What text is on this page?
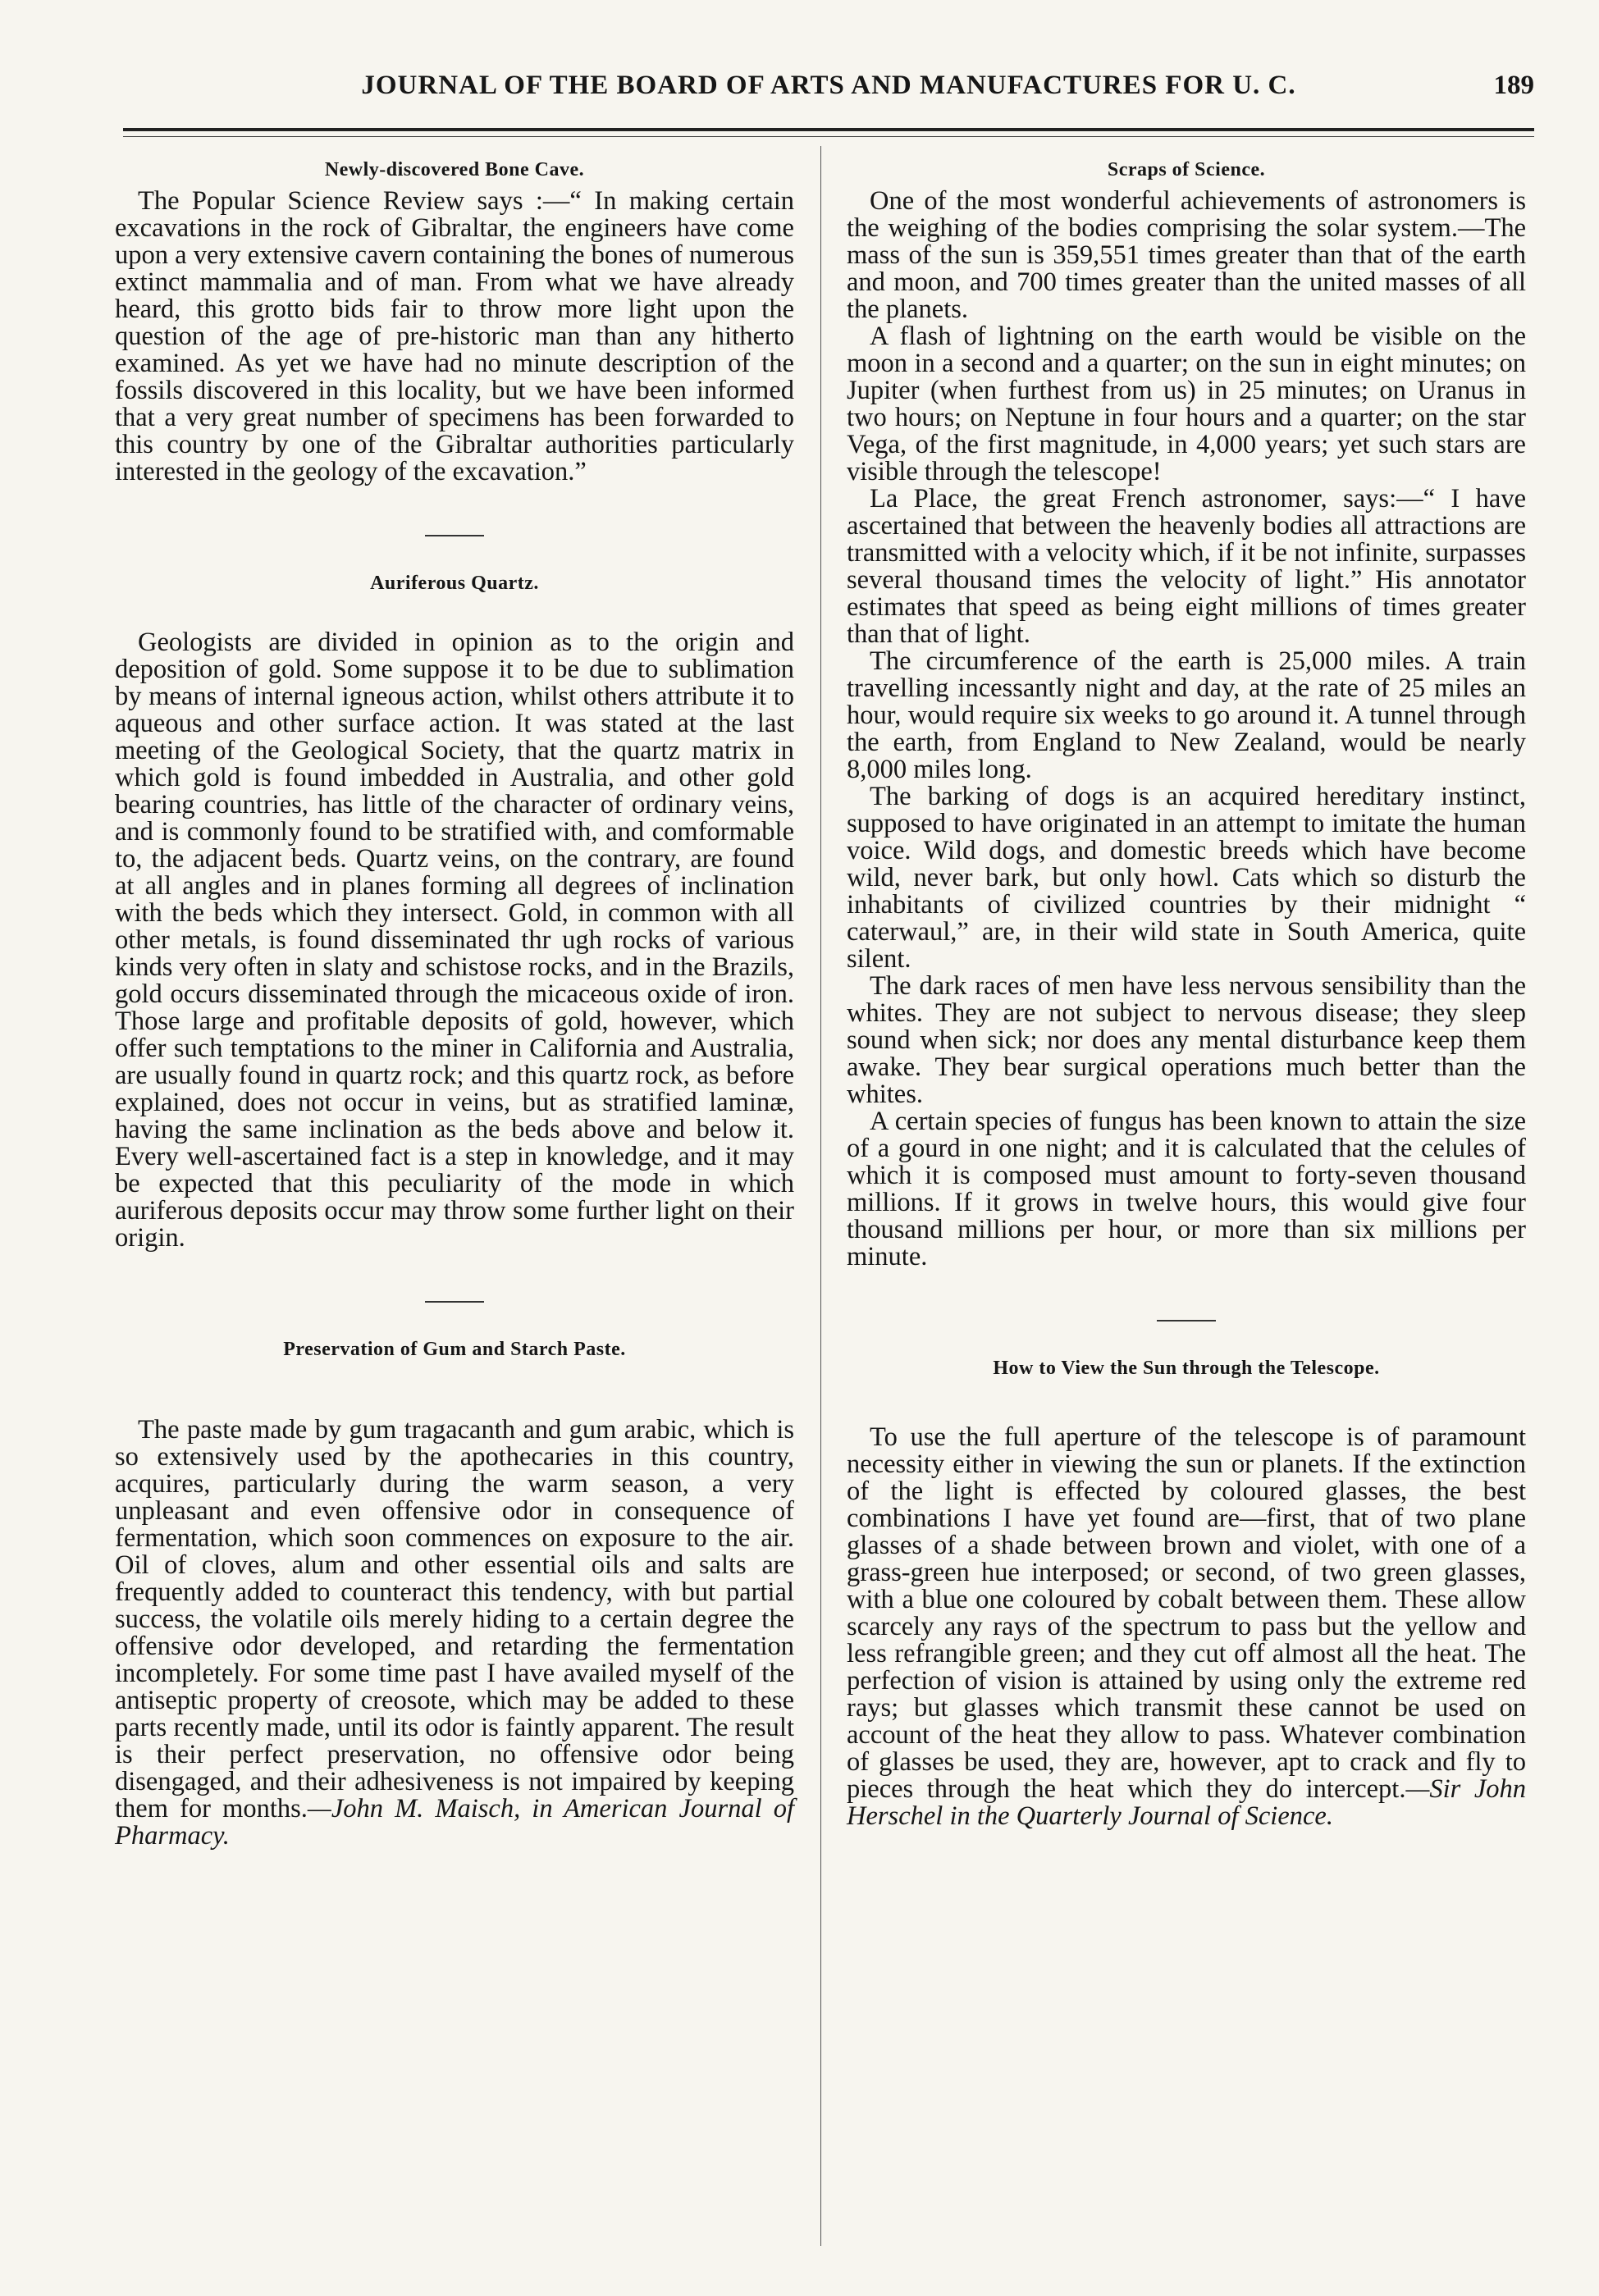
JOURNAL OF THE BOARD OF ARTS AND MANUFACTURES FOR U. C.	189
Newly-discovered Bone Cave.

The Popular Science Review says :—“ In making certain excavations in the rock of Gibraltar, the engineers have come upon a very extensive cavern containing the bones of numerous extinct mammalia and of man. From what we have already heard, this grotto bids fair to throw more light upon the question of the age of pre-historic man than any hitherto examined. As yet we have had no minute description of the fossils discovered in this locality, but we have been informed that a very great number of specimens has been forwarded to this country by one of the Gibraltar authorities particularly interested in the geology of the excavation.”

Auriferous Quartz.

Geologists are divided in opinion as to the origin and deposition of gold. Some suppose it to be due to sublimation by means of internal igneous action, whilst others attribute it to aqueous and other surface action. It was stated at the last meeting of the Geological Society, that the quartz matrix in which gold is found imbedded in Australia, and other gold bearing countries, has little of the character of ordinary veins, and is commonly found to be stratified with, and comformable to, the adjacent beds. Quartz veins, on the contrary, are found at all angles and in planes forming all degrees of inclination with the beds which they intersect. Gold, in common with all other metals, is found disseminated thr ugh rocks of various kinds very often in slaty and schistose rocks, and in the Brazils, gold occurs disseminated through the micaceous oxide of iron. Those large and profitable deposits of gold, however, which offer such temptations to the miner in California and Australia, are usually found in quartz rock; and this quartz rock, as before explained, does not occur in veins, but as stratified laminæ, having the same inclination as the beds above and below it. Every well-ascertained fact is a step in knowledge, and it may be expected that this peculiarity of the mode in which auriferous deposits occur may throw some further light on their origin.

Preservation of Gum and Starch Paste.

The paste made by gum tragacanth and gum arabic, which is so extensively used by the apothecaries in this country, acquires, particularly during the warm season, a very unpleasant and even offensive odor in consequence of fermentation, which soon commences on exposure to the air. Oil of cloves, alum and other essential oils and salts are frequently added to counteract this tendency, with but partial success, the volatile oils merely hiding to a certain degree the offensive odor developed, and retarding the fermentation incompletely. For some time past I have availed myself of the antiseptic property of creosote, which may be added to these parts recently made, until its odor is faintly apparent. The result is their perfect preservation, no offensive odor being disengaged, and their adhesiveness is not impaired by keeping them for months.—John M. Maisch, in American Journal of Pharmacy.

Scraps of Science.

One of the most wonderful achievements of astronomers is the weighing of the bodies comprising the solar system.—The mass of the sun is 359,551 times greater than that of the earth and moon, and 700 times greater than the united masses of all the planets.

A flash of lightning on the earth would be visible on the moon in a second and a quarter; on the sun in eight minutes; on Jupiter (when furthest from us) in 25 minutes; on Uranus in two hours; on Neptune in four hours and a quarter; on the star Vega, of the first magnitude, in 4,000 years; yet such stars are visible through the telescope!

La Place, the great French astronomer, says:—“ I have ascertained that between the heavenly bodies all attractions are transmitted with a velocity which, if it be not infinite, surpasses several thousand times the velocity of light.” His annotator estimates that speed as being eight millions of times greater than that of light.

The circumference of the earth is 25,000 miles. A train travelling incessantly night and day, at the rate of 25 miles an hour, would require six weeks to go around it. A tunnel through the earth, from England to New Zealand, would be nearly 8,000 miles long.

The barking of dogs is an acquired hereditary instinct, supposed to have originated in an attempt to imitate the human voice. Wild dogs, and domestic breeds which have become wild, never bark, but only howl. Cats which so disturb the inhabitants of civilized countries by their midnight “ caterwaul,” are, in their wild state in South America, quite silent.

The dark races of men have less nervous sensibility than the whites. They are not subject to nervous disease; they sleep sound when sick; nor does any mental disturbance keep them awake. They bear surgical operations much better than the whites.

A certain species of fungus has been known to attain the size of a gourd in one night; and it is calculated that the celules of which it is composed must amount to forty-seven thousand millions. If it grows in twelve hours, this would give four thousand millions per hour, or more than six millions per minute.

How to View the Sun through the Telescope.

To use the full aperture of the telescope is of paramount necessity either in viewing the sun or planets. If the extinction of the light is effected by coloured glasses, the best combinations I have yet found are—first, that of two plane glasses of a shade between brown and violet, with one of a grass-green hue interposed; or second, of two green glasses, with a blue one coloured by cobalt between them. These allow scarcely any rays of the spectrum to pass but the yellow and less refrangible green; and they cut off almost all the heat. The perfection of vision is attained by using only the extreme red rays; but glasses which transmit these cannot be used on account of the heat they allow to pass. Whatever combination of glasses be used, they are, however, apt to crack and fly to pieces through the heat which they do intercept.—Sir John Herschel in the Quarterly Journal of Science.
